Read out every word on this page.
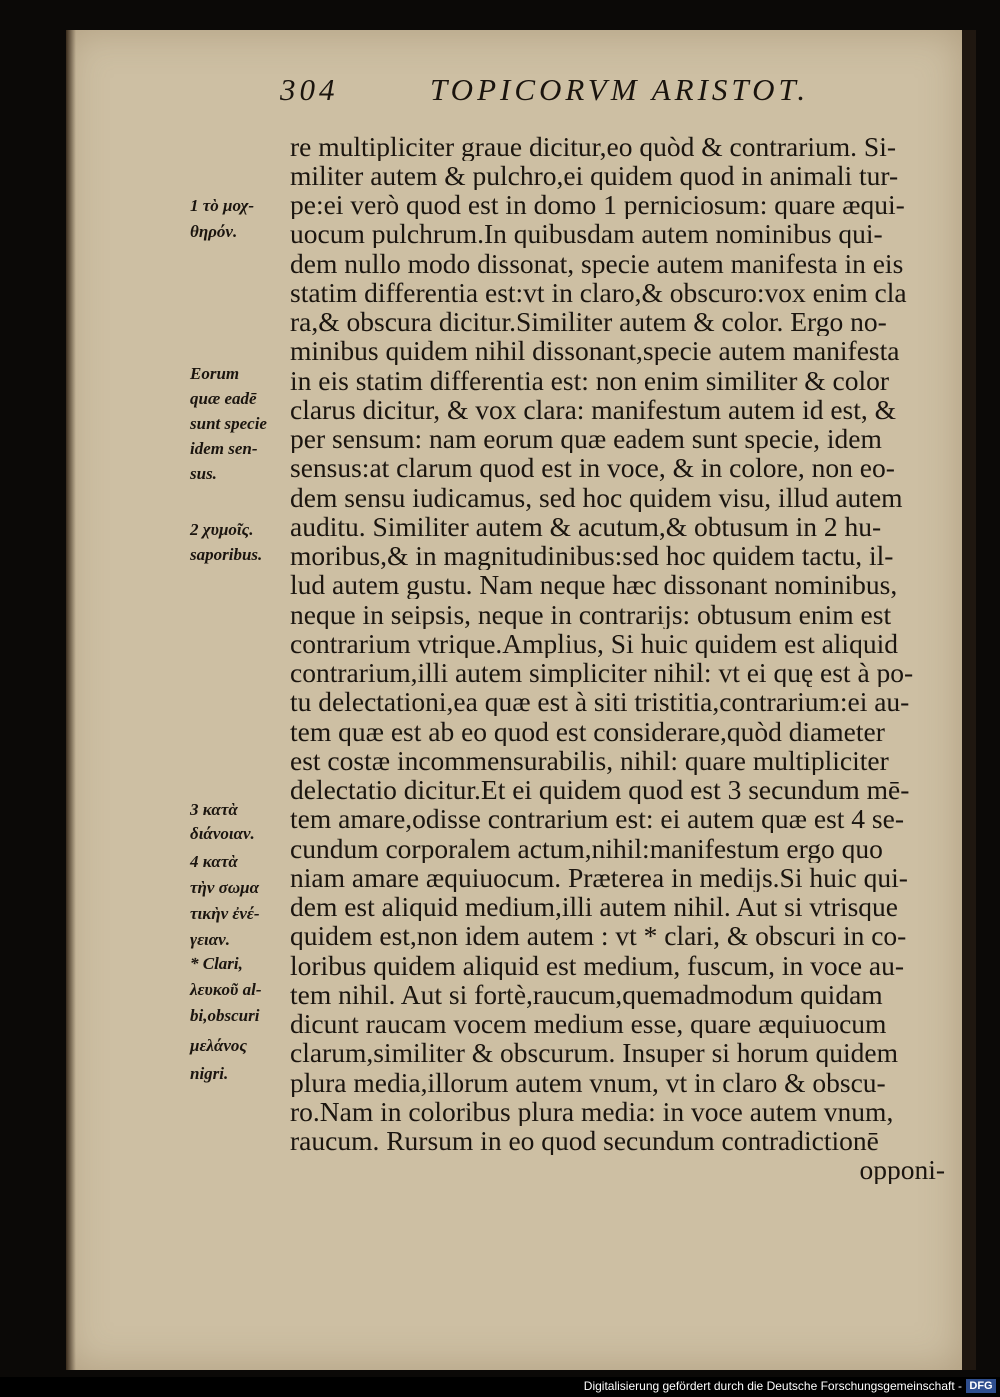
304	TOPICORVM ARISTOT.
re multipliciter graue dicitur,eo quòd & contrarium. Si-
militer autem & pulchro,ei quidem quod in animali tur-
pe:ei verò quod est in domo 1 perniciosum: quare æqui-
uocum pulchrum.In quibusdam autem nominibus qui-
dem nullo modo dissonat, specie autem manifesta in eis
statim differentia est:vt in claro,& obscuro:vox enim cla
ra,& obscura dicitur.Similiter autem & color. Ergo no-
minibus quidem nihil dissonant,specie autem manifesta
in eis statim differentia est: non enim similiter & color
clarus dicitur, & vox clara: manifestum autem id est, &
per sensum: nam eorum quæ eadem sunt specie, idem
sensus:at clarum quod est in voce, & in colore, non eo-
dem sensu iudicamus, sed hoc quidem visu, illud autem
auditu. Similiter autem & acutum,& obtusum in 2 hu-
moribus,& in magnitudinibus:sed hoc quidem tactu, il-
lud autem gustu. Nam neque hæc dissonant nominibus,
neque in seipsis, neque in contrarijs: obtusum enim est
contrarium vtrique.Amplius, Si huic quidem est aliquid
contrarium,illi autem simpliciter nihil: vt ei quę est à po-
tu delectationi,ea quæ est à siti tristitia,contrarium:ei au-
tem quæ est ab eo quod est considerare,quòd diameter
est costæ incommensurabilis, nihil: quare multipliciter
delectatio dicitur.Et ei quidem quod est 3 secundum mē-
tem amare,odisse contrarium est: ei autem quæ est 4 se-
cundum corporalem actum,nihil:manifestum ergo quo
niam amare æquiuocum. Præterea in medijs.Si huic qui-
dem est aliquid medium,illi autem nihil. Aut si vtrisque
quidem est,non idem autem : vt * clari, & obscuri in co-
loribus quidem aliquid est medium, fuscum, in voce au-
tem nihil. Aut si fortè,raucum,quemadmodum quidam
dicunt raucam vocem medium esse, quare æquiuocum
clarum,similiter & obscurum. Insuper si horum quidem
plura media,illorum autem vnum, vt in claro & obscu-
ro.Nam in coloribus plura media: in voce autem vnum,
raucum. Rursum in eo quod secundum contradictionē
opponi-
1 τὸ μοχ-
θηρόν.
Eorum
quæ eadē
sunt specie
idem sen-
sus.
2 χυμοῖς.
saporibus.
3 κατὰ
διάνοιαν.
4 κατὰ
τὴν σωμα
τικὴν ἐνέ-
γειαν.
* Clari,
λευκοῦ al-
bi,obscuri
μελάνος
nigri.
Digitalisierung gefördert durch die Deutsche Forschungsgemeinschaft - DFG
